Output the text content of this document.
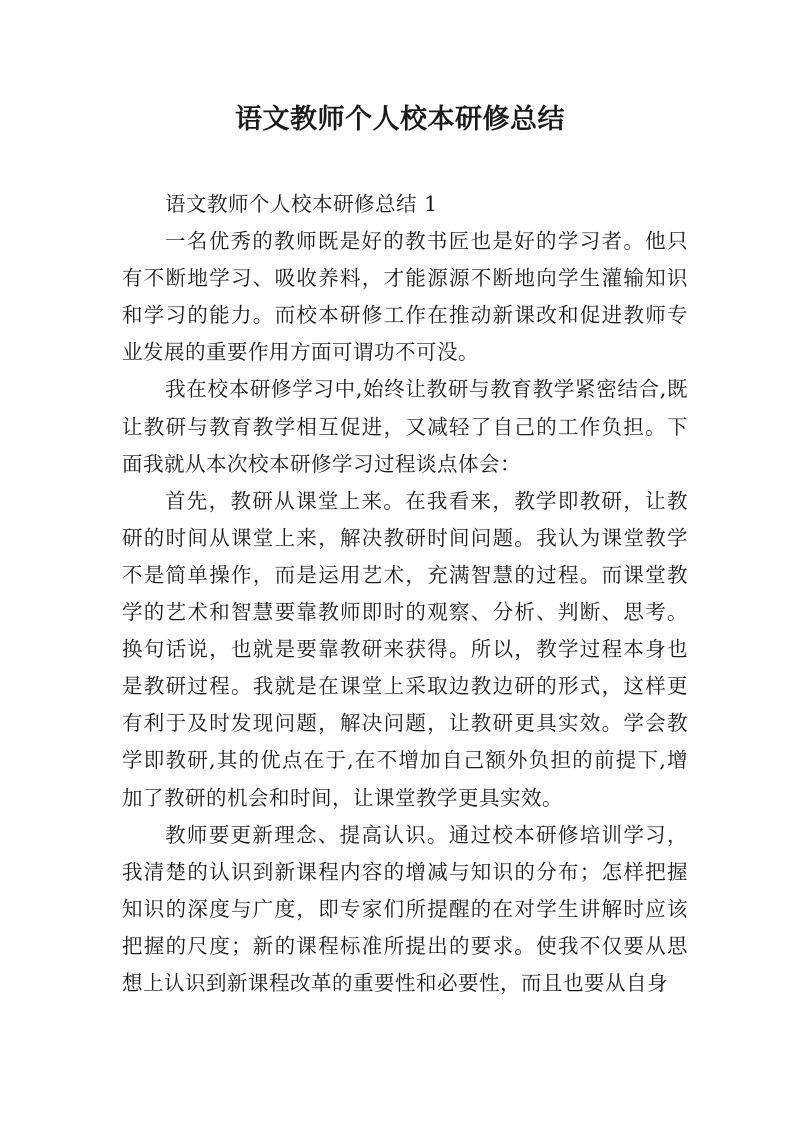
语文教师个人校本研修总结

语文教师个人校本研修总结 1

一名优秀的教师既是好的教书匠也是好的学习者。他只有不断地学习、吸收养料，才能源源不断地向学生灌输知识和学习的能力。而校本研修工作在推动新课改和促进教师专业发展的重要作用方面可谓功不可没。

我在校本研修学习中,始终让教研与教育教学紧密结合,既让教研与教育教学相互促进，又减轻了自己的工作负担。下面我就从本次校本研修学习过程谈点体会：

首先，教研从课堂上来。在我看来，教学即教研，让教研的时间从课堂上来，解决教研时间问题。我认为课堂教学不是简单操作，而是运用艺术，充满智慧的过程。而课堂教学的艺术和智慧要靠教师即时的观察、分析、判断、思考。换句话说，也就是要靠教研来获得。所以，教学过程本身也是教研过程。我就是在课堂上采取边教边研的形式，这样更有利于及时发现问题，解决问题，让教研更具实效。学会教学即教研,其的优点在于,在不增加自己额外负担的前提下,增加了教研的机会和时间，让课堂教学更具实效。

教师要更新理念、提高认识。通过校本研修培训学习，我清楚的认识到新课程内容的增减与知识的分布；怎样把握知识的深度与广度，即专家们所提醒的在对学生讲解时应该把握的尺度；新的课程标准所提出的要求。使我不仅要从思想上认识到新课程改革的重要性和必要性，而且也要从自身
